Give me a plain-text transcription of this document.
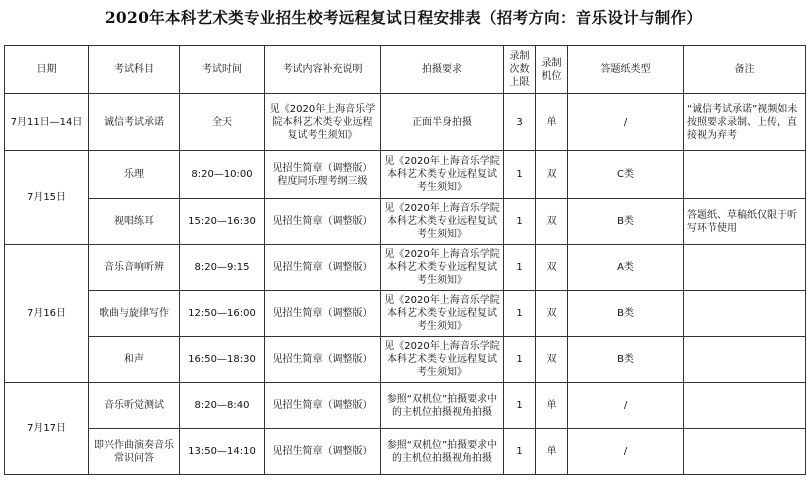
2020年本科艺术类专业招生校考远程复试日程安排表（招考方向：音乐设计与制作）
日期	考试科目	考试时间	考试内容补充说明	拍摄要求	录制次数上限	录制机位	答题纸类型	备注
7月11日—14日	诚信考试承诺	全天	见《2020年上海音乐学院本科艺术类专业远程复试考生须知》	正面半身拍摄	3	单	/	“诚信考试承诺”视频如未按照要求录制、上传，直接视为弃考
7月15日	乐理	8:20—10:00	见招生简章（调整版）程度同乐理考纲三级	见《2020年上海音乐学院本科艺术类专业远程复试考生须知》	1	双	C类	
	视唱练耳	15:20—16:30	见招生简章（调整版）	见《2020年上海音乐学院本科艺术类专业远程复试考生须知》	1	双	B类	答题纸、草稿纸仅限于听写环节使用
7月16日	音乐音响听辨	8:20—9:15	见招生简章（调整版）	见《2020年上海音乐学院本科艺术类专业远程复试考生须知》	1	双	A类	
	歌曲与旋律写作	12:50—16:00	见招生简章（调整版）	见《2020年上海音乐学院本科艺术类专业远程复试考生须知》	1	双	B类	
	和声	16:50—18:30	见招生简章（调整版）	见《2020年上海音乐学院本科艺术类专业远程复试考生须知》	1	双	B类	
7月17日	音乐听觉测试	8:20—8:40	见招生简章（调整版）	参照“双机位”拍摄要求中的主机位拍摄视角拍摄	1	单	/	
	即兴作曲演奏音乐常识问答	13:50—14:10	见招生简章（调整版）	参照“双机位”拍摄要求中的主机位拍摄视角拍摄	1	单	/	
